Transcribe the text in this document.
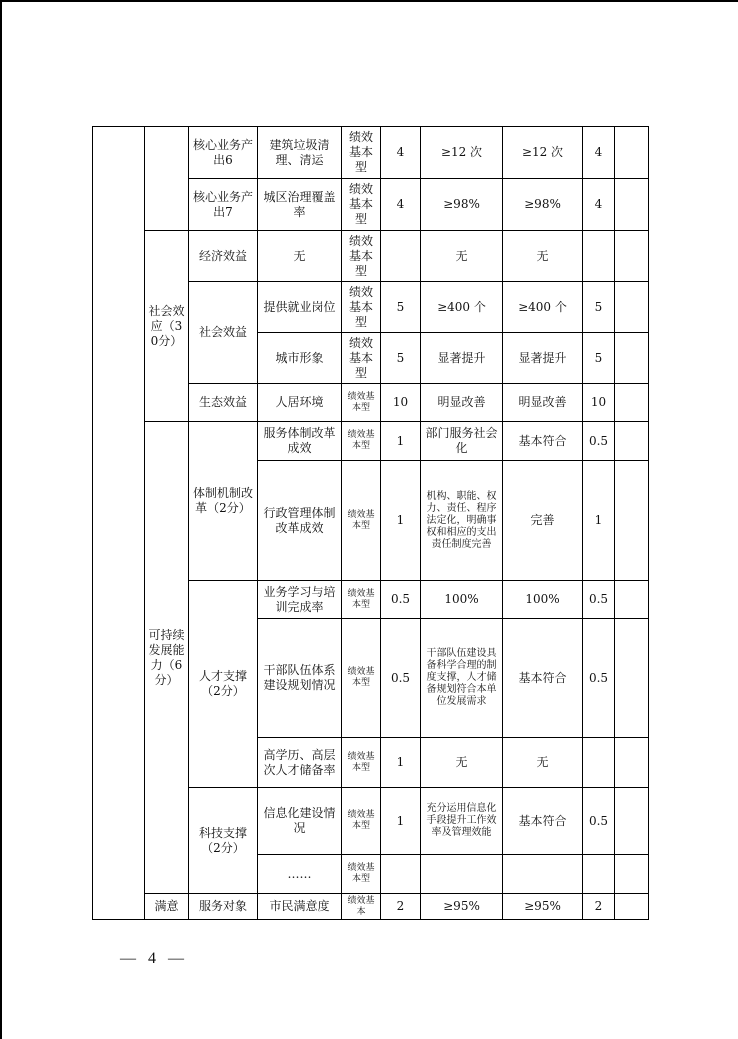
		核心业务产出6	建筑垃圾清理、清运	绩效基本型	4	≥12 次	≥12 次	4	
		核心业务产出7	城区治理覆盖率	绩效基本型	4	≥98%	≥98%	4	
	社会效应（30分）	经济效益	无	绩效基本型		无	无		
		社会效益	提供就业岗位	绩效基本型	5	≥400 个	≥400 个	5	
			城市形象	绩效基本型	5	显著提升	显著提升	5	
		生态效益	人居环境	绩效基本型	10	明显改善	明显改善	10	
	可持续发展能力（6分）	体制机制改革（2分）	服务体制改革成效	绩效基本型	1	部门服务社会化	基本符合	0.5	
			行政管理体制改革成效	绩效基本型	1	机构、职能、权力、责任、程序法定化，明确事权和相应的支出责任制度完善	完善	1	
		人才支撑（2分）	业务学习与培训完成率	绩效基本型	0.5	100%	100%	0.5	
			干部队伍体系建设规划情况	绩效基本型	0.5	干部队伍建设具备科学合理的制度支撑，人才储备规划符合本单位发展需求	基本符合	0.5	
			高学历、高层次人才储备率	绩效基本型	1	无	无		
		科技支撑（2分）	信息化建设情况	绩效基本型	1	充分运用信息化手段提升工作效率及管理效能	基本符合	0.5	
			……	绩效基本型					
	满意	服务对象	市民满意度	绩效基本	2	≥95%	≥95%	2	
— 4 —
